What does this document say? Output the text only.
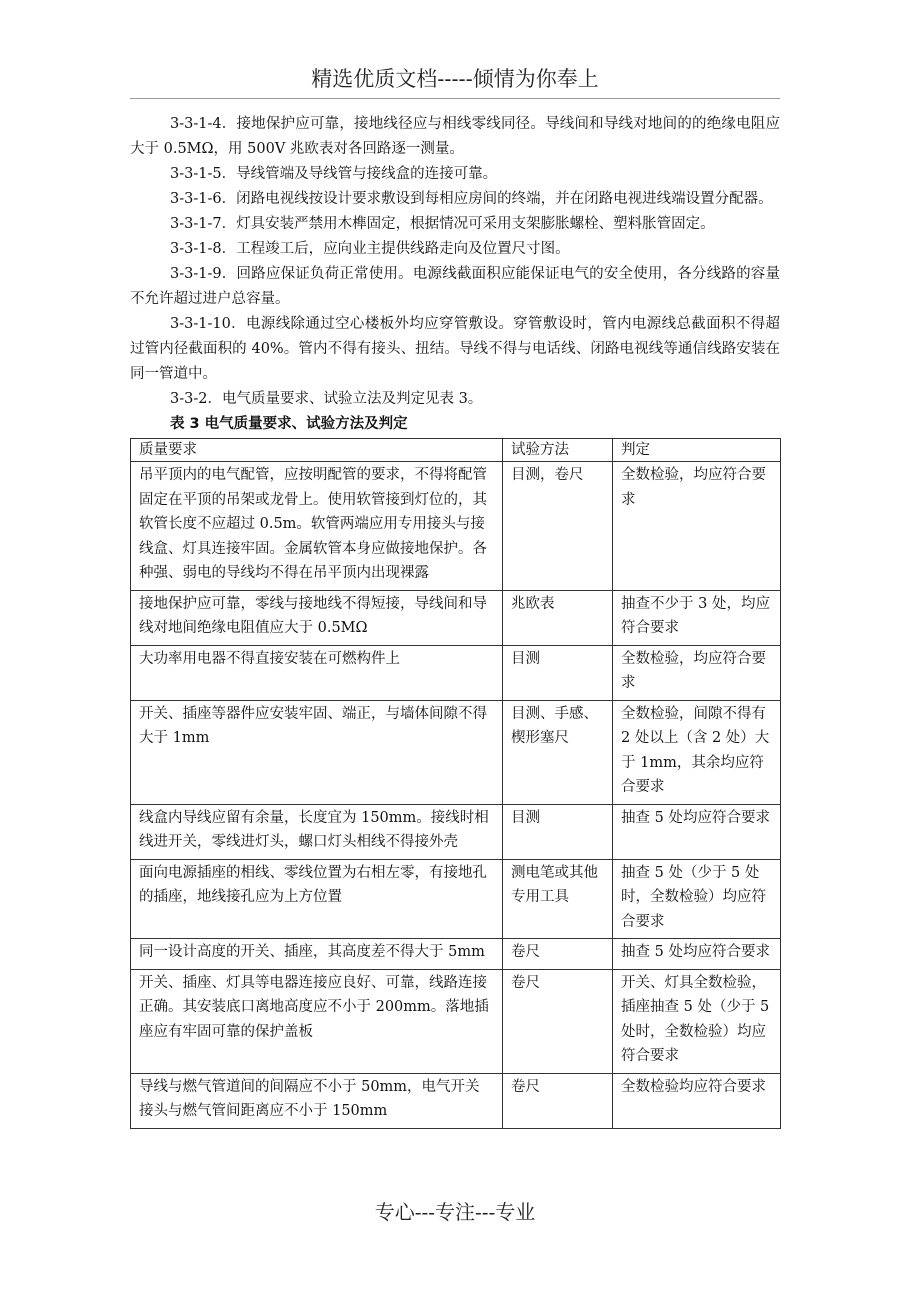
精选优质文档-----倾情为你奉上

3-3-1-4．接地保护应可靠，接地线径应与相线零线同径。导线间和导线对地间的的绝缘电阻应大于 0.5MΩ，用 500V 兆欧表对各回路逐一测量。

3-3-1-5．导线管端及导线管与接线盒的连接可靠。

3-3-1-6．闭路电视线按设计要求敷设到每相应房间的终端，并在闭路电视进线端设置分配器。

3-3-1-7．灯具安装严禁用木榫固定，根据情况可采用支架膨胀螺栓、塑料胀管固定。

3-3-1-8．工程竣工后，应向业主提供线路走向及位置尺寸图。

3-3-1-9．回路应保证负荷正常使用。电源线截面积应能保证电气的安全使用，各分线路的容量不允许超过进户总容量。

3-3-1-10．电源线除通过空心楼板外均应穿管敷设。穿管敷设时，管内电源线总截面积不得超过管内径截面积的 40%。管内不得有接头、扭结。导线不得与电话线、闭路电视线等通信线路安装在同一管道中。

3-3-2．电气质量要求、试验立法及判定见表 3。

表 3 电气质量要求、试验方法及判定
质量要求	试验方法	判定
吊平顶内的电气配管，应按明配管的要求，不得将配管固定在平顶的吊架或龙骨上。使用软管接到灯位的，其软管长度不应超过 0.5m。软管两端应用专用接头与接线盒、灯具连接牢固。金属软管本身应做接地保护。各种强、弱电的导线均不得在吊平顶内出现裸露	目测，卷尺	全数检验，均应符合要求
接地保护应可靠，零线与接地线不得短接，导线间和导线对地间绝缘电阻值应大于 0.5MΩ	兆欧表	抽查不少于 3 处，均应符合要求
大功率用电器不得直接安装在可燃构件上	目测	全数检验，均应符合要求
开关、插座等器件应安装牢固、端正，与墙体间隙不得大于 1mm	目测、手感、楔形塞尺	全数检验，间隙不得有 2 处以上（含 2 处）大于 1mm，其余均应符合要求
线盒内导线应留有余量，长度宜为 150mm。接线时相线进开关，零线进灯头，螺口灯头相线不得接外壳	目测	抽查 5 处均应符合要求
面向电源插座的相线、零线位置为右相左零，有接地孔的插座，地线接孔应为上方位置	测电笔或其他专用工具	抽查 5 处（少于 5 处时，全数检验）均应符合要求
同一设计高度的开关、插座，其高度差不得大于 5mm	卷尺	抽查 5 处均应符合要求
开关、插座、灯具等电器连接应良好、可靠，线路连接正确。其安装底口离地高度应不小于 200mm。落地插座应有牢固可靠的保护盖板	卷尺	开关、灯具全数检验，插座抽查 5 处（少于 5 处时，全数检验）均应符合要求
导线与燃气管道间的间隔应不小于 50mm，电气开关接头与燃气管间距离应不小于 150mm	卷尺	全数检验均应符合要求
专心---专注---专业
